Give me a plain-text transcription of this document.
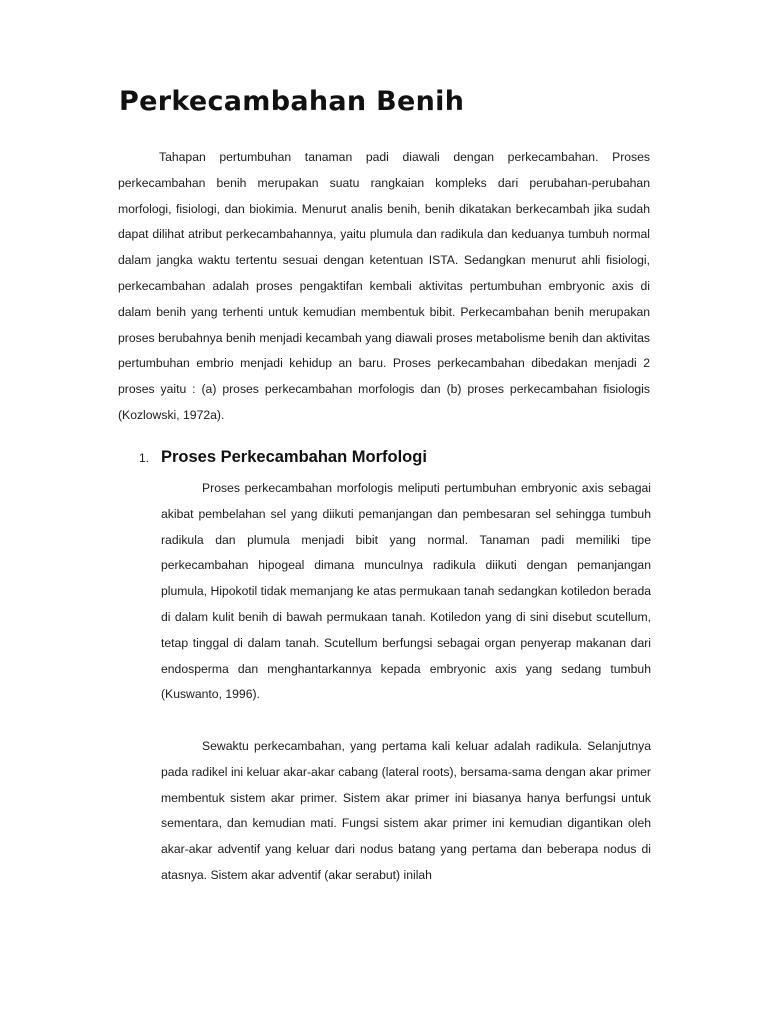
Perkecambahan Benih

Tahapan pertumbuhan tanaman padi diawali dengan perkecambahan. Proses perkecambahan benih merupakan suatu rangkaian kompleks dari perubahan-perubahan morfologi, fisiologi, dan biokimia. Menurut analis benih, benih dikatakan berkecambah jika sudah dapat dilihat atribut perkecambahannya, yaitu plumula dan radikula dan keduanya tumbuh normal dalam jangka waktu tertentu sesuai dengan ketentuan ISTA. Sedangkan menurut ahli fisiologi, perkecambahan adalah proses pengaktifan kembali aktivitas pertumbuhan embryonic axis di dalam benih yang terhenti untuk kemudian membentuk bibit. Perkecambahan benih merupakan proses berubahnya benih menjadi kecambah yang diawali proses metabolisme benih dan aktivitas pertumbuhan embrio menjadi kehidup an baru. Proses perkecambahan dibedakan menjadi 2 proses yaitu : (a) proses perkecambahan morfologis dan (b) proses perkecambahan fisiologis (Kozlowski, 1972a).

1. Proses Perkecambahan Morfologi

Proses perkecambahan morfologis meliputi pertumbuhan embryonic axis sebagai akibat pembelahan sel yang diikuti pemanjangan dan pembesaran sel sehingga tumbuh radikula dan plumula menjadi bibit yang normal. Tanaman padi memiliki tipe perkecambahan hipogeal dimana munculnya radikula diikuti dengan pemanjangan plumula, Hipokotil tidak memanjang ke atas permukaan tanah sedangkan kotiledon berada di dalam kulit benih di bawah permukaan tanah. Kotiledon yang di sini disebut scutellum, tetap tinggal di dalam tanah. Scutellum berfungsi sebagai organ penyerap makanan dari endosperma dan menghantarkannya kepada embryonic axis yang sedang tumbuh (Kuswanto, 1996).

Sewaktu perkecambahan, yang pertama kali keluar adalah radikula. Selanjutnya pada radikel ini keluar akar-akar cabang (lateral roots), bersama-sama dengan akar primer membentuk sistem akar primer. Sistem akar primer ini biasanya hanya berfungsi untuk sementara, dan kemudian mati. Fungsi sistem akar primer ini kemudian digantikan oleh akar-akar adventif yang keluar dari nodus batang yang pertama dan beberapa nodus di atasnya. Sistem akar adventif (akar serabut) inilah
